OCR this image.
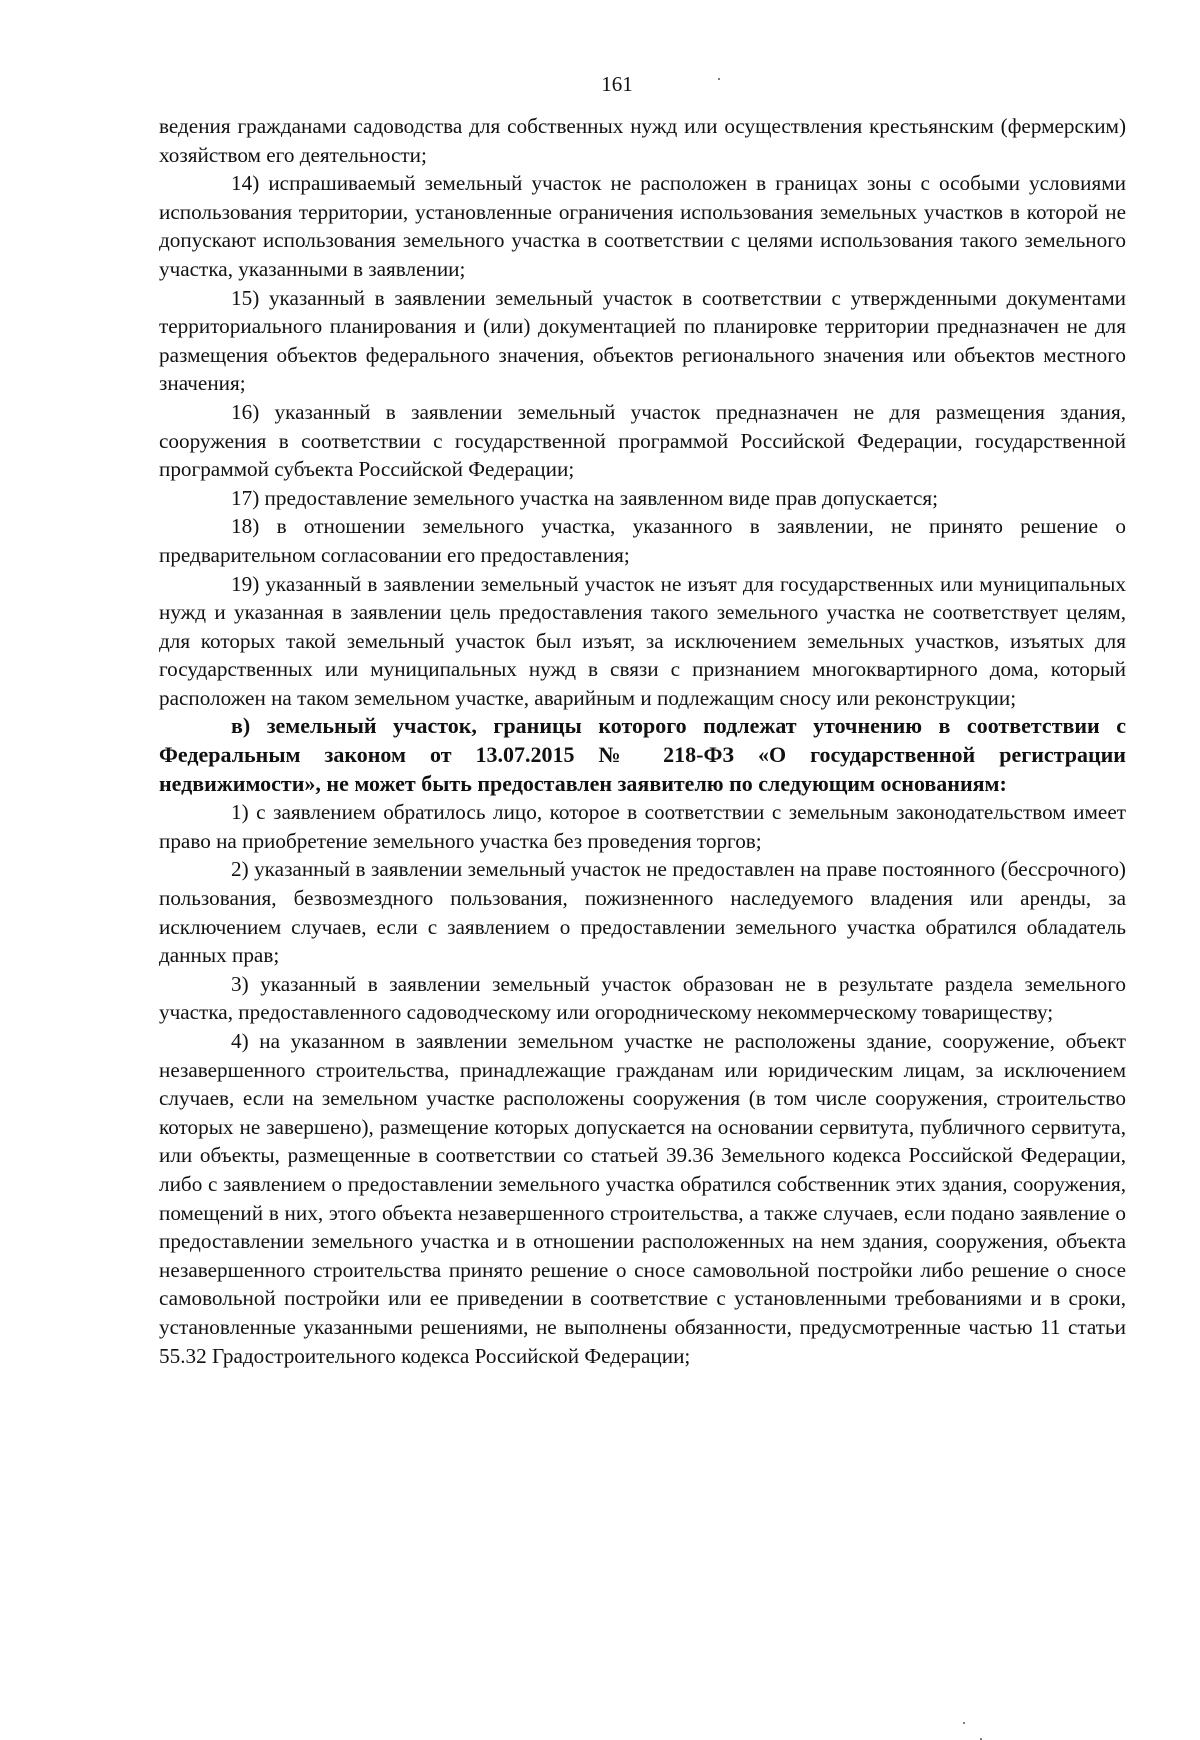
161

ведения гражданами садоводства для собственных нужд или осуществления крестьянским (фермерским) хозяйством его деятельности;

14) испрашиваемый земельный участок не расположен в границах зоны с особыми условиями использования территории, установленные ограничения использования земельных участков в которой не допускают использования земельного участка в соответствии с целями использования такого земельного участка, указанными в заявлении;

15) указанный в заявлении земельный участок в соответствии с утвержденными документами территориального планирования и (или) документацией по планировке территории предназначен не для размещения объектов федерального значения, объектов регионального значения или объектов местного значения;

16) указанный в заявлении земельный участок предназначен не для размещения здания, сооружения в соответствии с государственной программой Российской Федерации, государственной программой субъекта Российской Федерации;

17) предоставление земельного участка на заявленном виде прав допускается;

18) в отношении земельного участка, указанного в заявлении, не принято решение о предварительном согласовании его предоставления;

19) указанный в заявлении земельный участок не изъят для государственных или муниципальных нужд и указанная в заявлении цель предоставления такого земельного участка не соответствует целям, для которых такой земельный участок был изъят, за исключением земельных участков, изъятых для государственных или муниципальных нужд в связи с признанием многоквартирного дома, который расположен на таком земельном участке, аварийным и подлежащим сносу или реконструкции;

в) земельный участок, границы которого подлежат уточнению в соответствии с Федеральным законом от 13.07.2015 № 218-ФЗ «О государственной регистрации недвижимости», не может быть предоставлен заявителю по следующим основаниям:

1) с заявлением обратилось лицо, которое в соответствии с земельным законодательством имеет право на приобретение земельного участка без проведения торгов;

2) указанный в заявлении земельный участок не предоставлен на праве постоянного (бессрочного) пользования, безвозмездного пользования, пожизненного наследуемого владения или аренды, за исключением случаев, если с заявлением о предоставлении земельного участка обратился обладатель данных прав;

3) указанный в заявлении земельный участок образован не в результате раздела земельного участка, предоставленного садоводческому или огородническому некоммерческому товариществу;

4) на указанном в заявлении земельном участке не расположены здание, сооружение, объект незавершенного строительства, принадлежащие гражданам или юридическим лицам, за исключением случаев, если на земельном участке расположены сооружения (в том числе сооружения, строительство которых не завершено), размещение которых допускается на основании сервитута, публичного сервитута, или объекты, размещенные в соответствии со статьей 39.36 Земельного кодекса Российской Федерации, либо с заявлением о предоставлении земельного участка обратился собственник этих здания, сооружения, помещений в них, этого объекта незавершенного строительства, а также случаев, если подано заявление о предоставлении земельного участка и в отношении расположенных на нем здания, сооружения, объекта незавершенного строительства принято решение о сносе самовольной постройки либо решение о сносе самовольной постройки или ее приведении в соответствие с установленными требованиями и в сроки, установленные указанными решениями, не выполнены обязанности, предусмотренные частью 11 статьи 55.32 Градостроительного кодекса Российской Федерации;
